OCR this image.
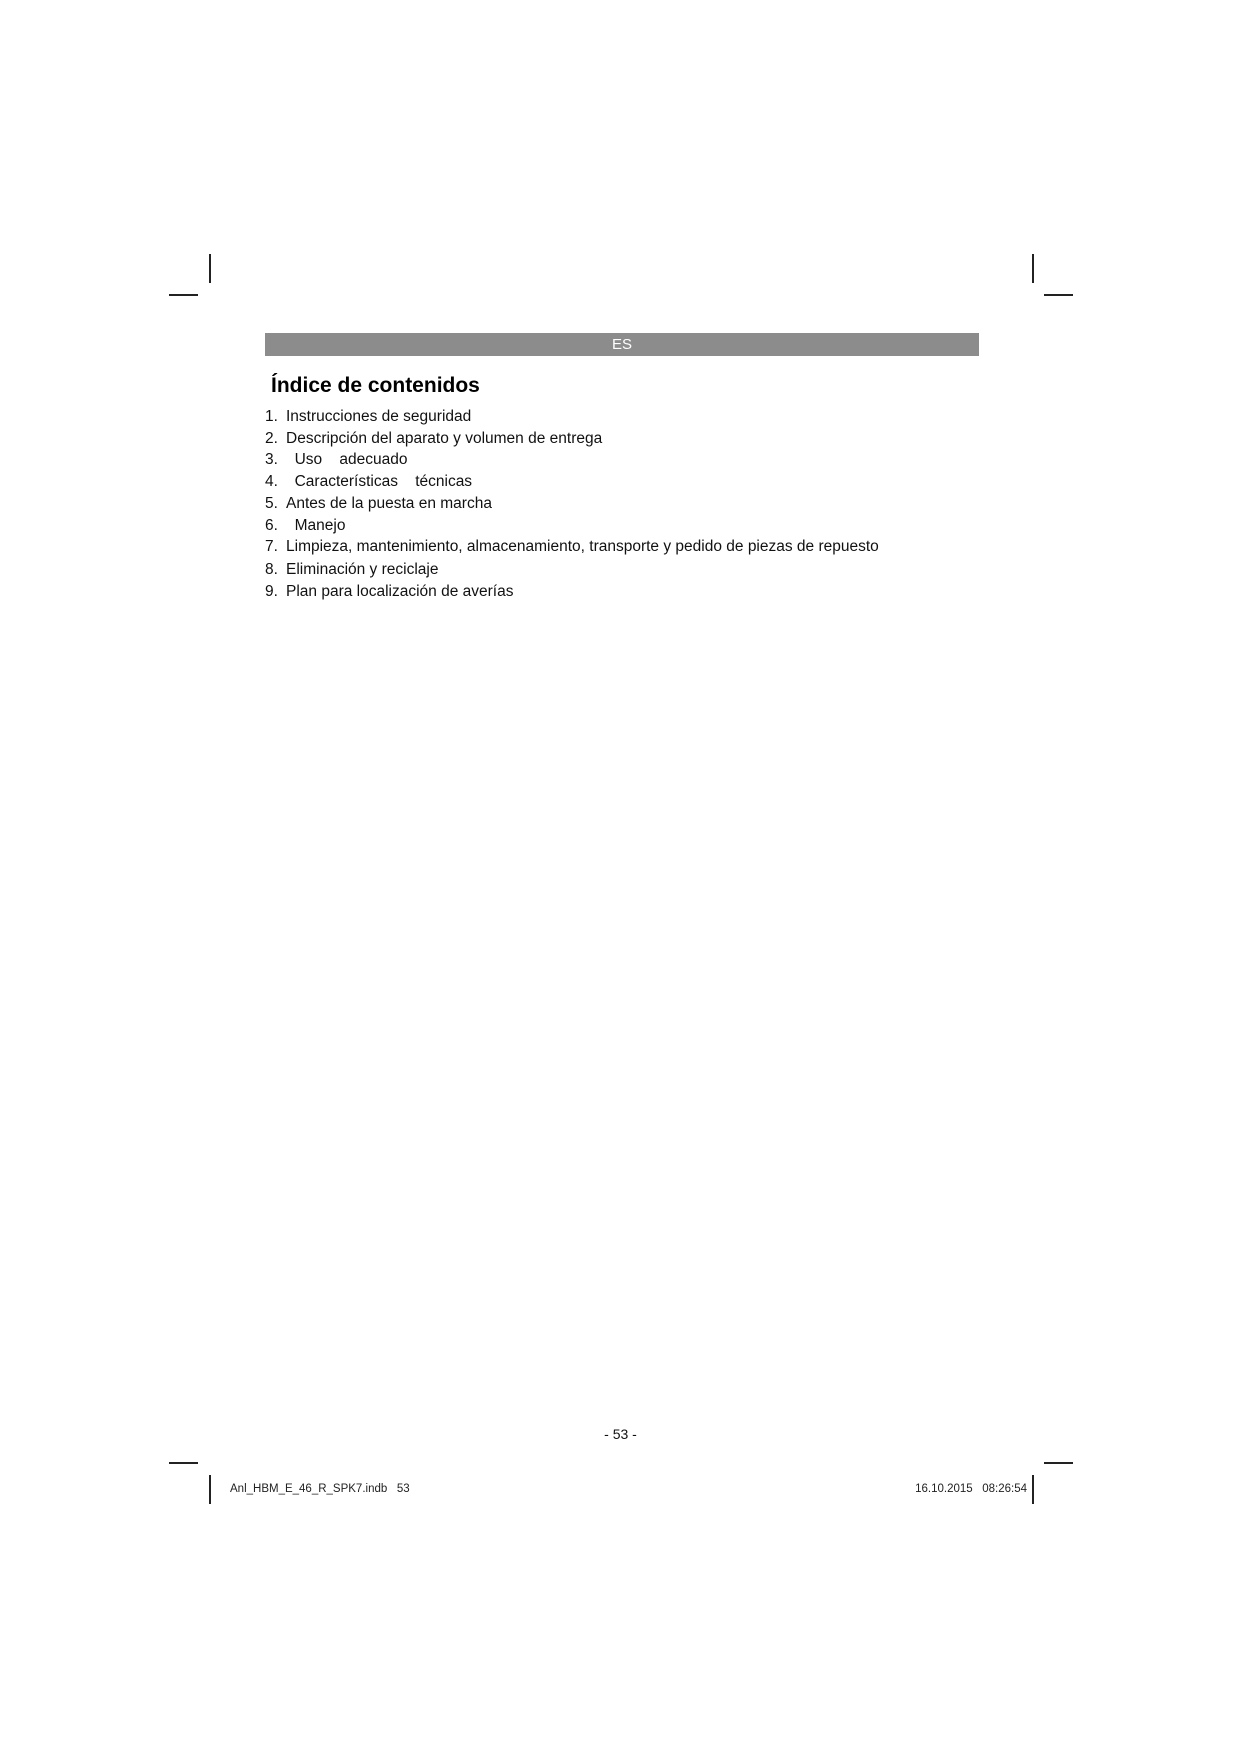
ES
Índice de contenidos
1. Instrucciones de seguridad
2. Descripción del aparato y volumen de entrega
3.  Uso    adecuado
4.  Características    técnicas
5. Antes de la puesta en marcha
6.  Manejo
7. Limpieza, mantenimiento, almacenamiento, transporte y pedido de piezas de repuesto
8. Eliminación y reciclaje
9. Plan para localización de averías
- 53 -
Anl_HBM_E_46_R_SPK7.indb   53	16.10.2015   08:26:54
